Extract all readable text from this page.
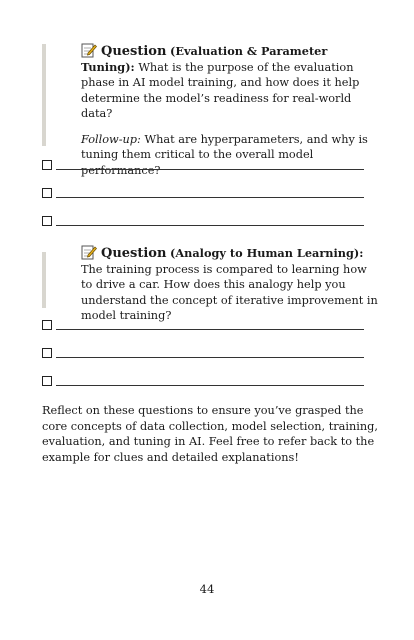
Question (Evaluation & Parameter Tuning): What is the purpose of the evaluation phase in AI model training, and how does it help determine the model’s readiness for real-world data?
Follow-up: What are hyperparameters, and why is tuning them critical to the overall model performance?
Question (Analogy to Human Learning): The training process is compared to learning how to drive a car. How does this analogy help you understand the concept of iterative improvement in model training?
Reflect on these questions to ensure you’ve grasped the core concepts of data collection, model selection, training, evaluation, and tuning in AI. Feel free to refer back to the example for clues and detailed explanations!
44
